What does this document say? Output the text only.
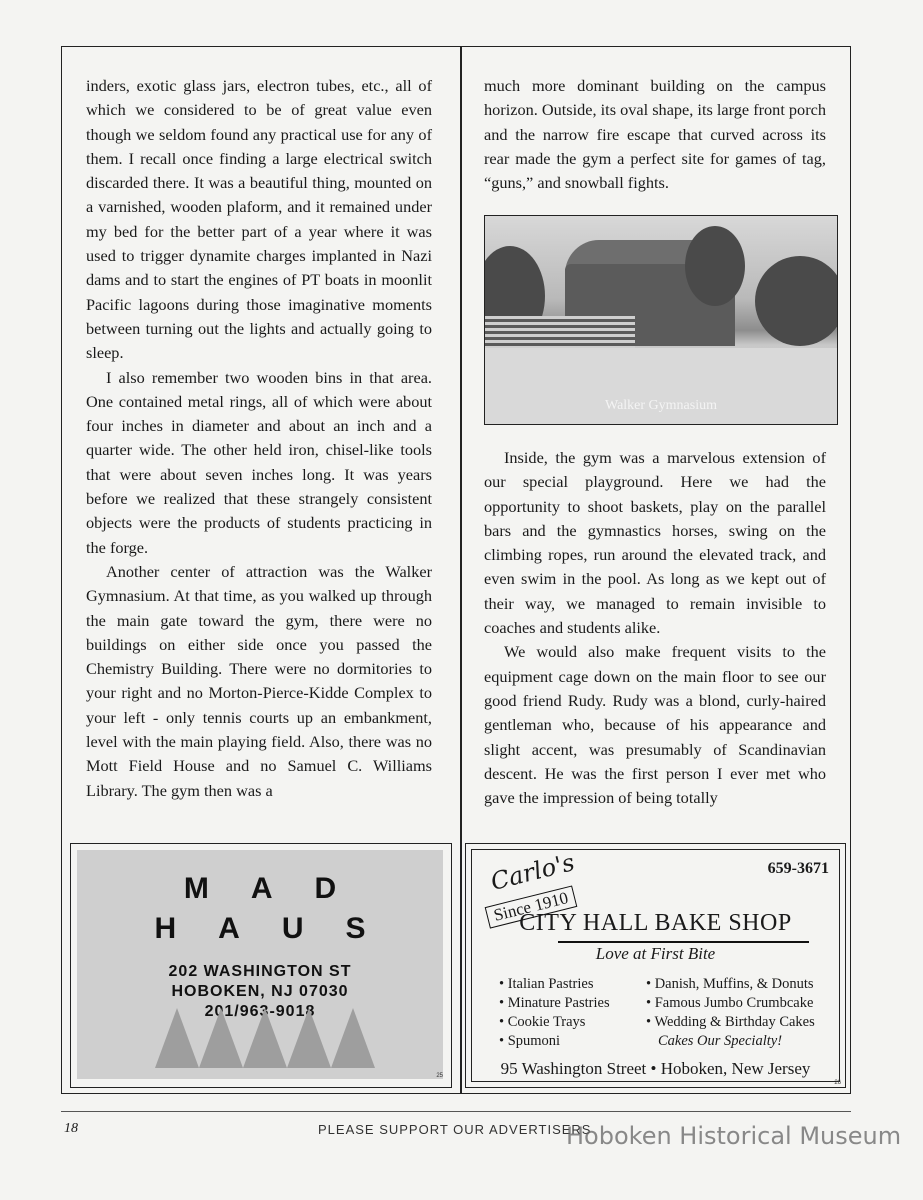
inders, exotic glass jars, electron tubes, etc., all of which we considered to be of great value even though we seldom found any practical use for any of them. I recall once finding a large electrical switch discarded there. It was a beautiful thing, mounted on a varnished, wooden plaform, and it remained under my bed for the better part of a year where it was used to trigger dynamite charges implanted in Nazi dams and to start the engines of PT boats in moonlit Pacific lagoons during those imaginative moments between turning out the lights and actually going to sleep.

I also remember two wooden bins in that area. One contained metal rings, all of which were about four inches in diameter and about an inch and a quarter wide. The other held iron, chisel-like tools that were about seven inches long. It was years before we realized that these strangely consistent objects were the products of students practicing in the forge.

Another center of attraction was the Walker Gymnasium. At that time, as you walked up through the main gate toward the gym, there were no buildings on either side once you passed the Chemistry Building. There were no dormitories to your right and no Morton-Pierce-Kidde Complex to your left - only tennis courts up an embankment, level with the main playing field. Also, there was no Mott Field House and no Samuel C. Williams Library. The gym then was a

much more dominant building on the campus horizon. Outside, its oval shape, its large front porch and the narrow fire escape that curved across its rear made the gym a perfect site for games of tag, “guns,” and snowball fights.

Walker Gymnasium

Inside, the gym was a marvelous extension of our special playground. Here we had the opportunity to shoot baskets, play on the parallel bars and the gymnastics horses, swing on the climbing ropes, run around the elevated track, and even swim in the pool. As long as we kept out of their way, we managed to remain invisible to coaches and students alike.

We would also make frequent visits to the equipment cage down on the main floor to see our good friend Rudy. Rudy was a blond, curly-haired gentleman who, because of his appearance and slight accent, was presumably of Scandinavian descent. He was the first person I ever met who gave the impression of being totally

M A D
H A U S
202 WASHINGTON ST
HOBOKEN, NJ 07030
201/963-9018
25
Carlo's
Since 1910
659-3671
CITY HALL BAKE SHOP
Love at First Bite
• Italian Pastries
• Minature Pastries
• Cookie Trays
• Spumoni
• Danish, Muffins, & Donuts
• Famous Jumbo Crumbcake
• Wedding & Birthday Cakes
Cakes Our Specialty!
95 Washington Street • Hoboken, New Jersey
26
18	PLEASE SUPPORT OUR ADVERTISERS
Hoboken Historical Museum
